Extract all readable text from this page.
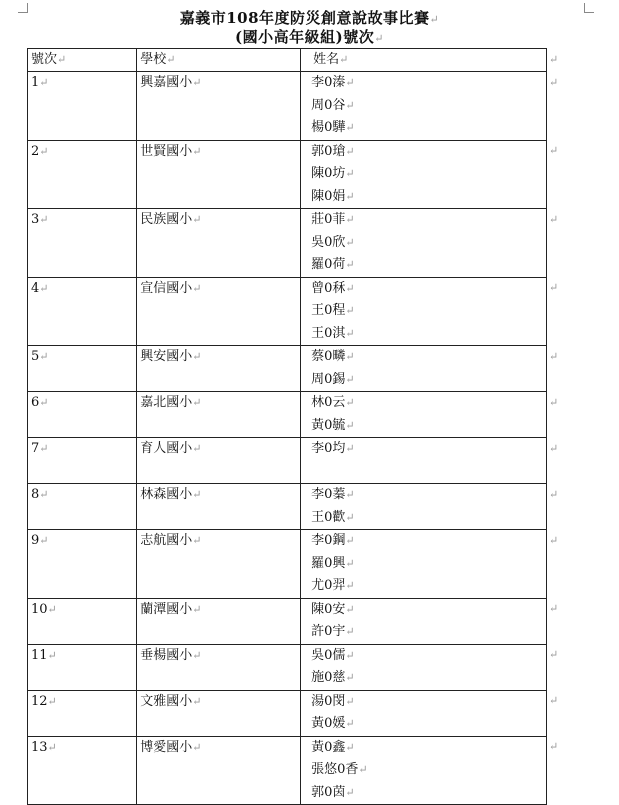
嘉義市108年度防災創意說故事比賽↵
(國小高年級組)號次↵
號次↵	學校↵	姓名↵
1↵	興嘉國小↵	李0溱↵
周0谷↵
楊0驊↵

2↵	世賢國小↵	郭0瑲↵
陳0坊↵
陳0娟↵

3↵	民族國小↵	莊0菲↵
吳0欣↵
羅0荷↵

4↵	宣信國小↵	曾0秝↵
王0程↵
王0淇↵

5↵	興安國小↵	蔡0疄↵
周0錫↵

6↵	嘉北國小↵	林0云↵
黃0毓↵

7↵	育人國小↵	李0均↵

8↵	林森國小↵	李0蓁↵
王0歡↵

9↵	志航國小↵	李0鋼↵
羅0興↵
尤0羿↵

10↵	蘭潭國小↵	陳0安↵
許0宇↵

11↵	垂楊國小↵	吳0儒↵
施0慈↵

12↵	文雅國小↵	湯0閔↵
黃0媛↵

13↵	博愛國小↵	黃0鑫↵
張悠0香↵
郭0茵↵
↵
↵
↵
↵
↵
↵
↵
↵
↵
↵
↵
↵
↵
↵
